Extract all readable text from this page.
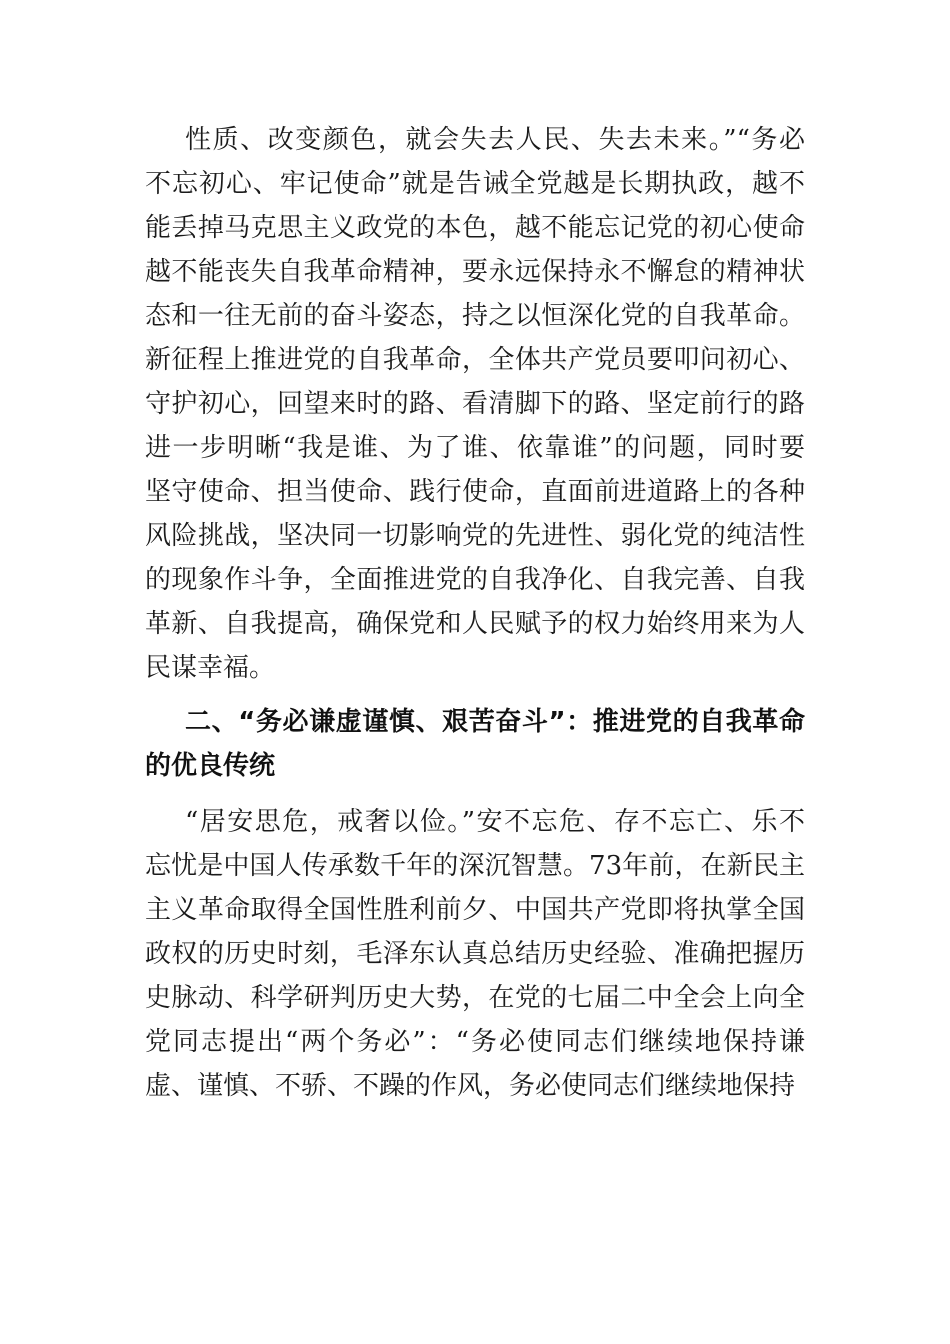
性质、改变颜色，就会失去人民、失去未来。”“务必
不忘初心、牢记使命”就是告诫全党越是长期执政，越不
能丢掉马克思主义政党的本色，越不能忘记党的初心使命
越不能丧失自我革命精神，要永远保持永不懈怠的精神状
态和一往无前的奋斗姿态，持之以恒深化党的自我革命。
新征程上推进党的自我革命，全体共产党员要叩问初心、
守护初心，回望来时的路、看清脚下的路、坚定前行的路
进一步明晰“我是谁、为了谁、依靠谁”的问题，同时要
坚守使命、担当使命、践行使命，直面前进道路上的各种
风险挑战，坚决同一切影响党的先进性、弱化党的纯洁性
的现象作斗争，全面推进党的自我净化、自我完善、自我
革新、自我提高，确保党和人民赋予的权力始终用来为人
民谋幸福。
二、“务必谦虚谨慎、艰苦奋斗”：推进党的自我革命
的优良传统
“居安思危，戒奢以俭。”安不忘危、存不忘亡、乐不
忘忧是中国人传承数千年的深沉智慧。73年前，在新民主
主义革命取得全国性胜利前夕、中国共产党即将执掌全国
政权的历史时刻，毛泽东认真总结历史经验、准确把握历
史脉动、科学研判历史大势，在党的七届二中全会上向全
党同志提出“两个务必”：“务必使同志们继续地保持谦
虚、谨慎、不骄、不躁的作风，务必使同志们继续地保持
